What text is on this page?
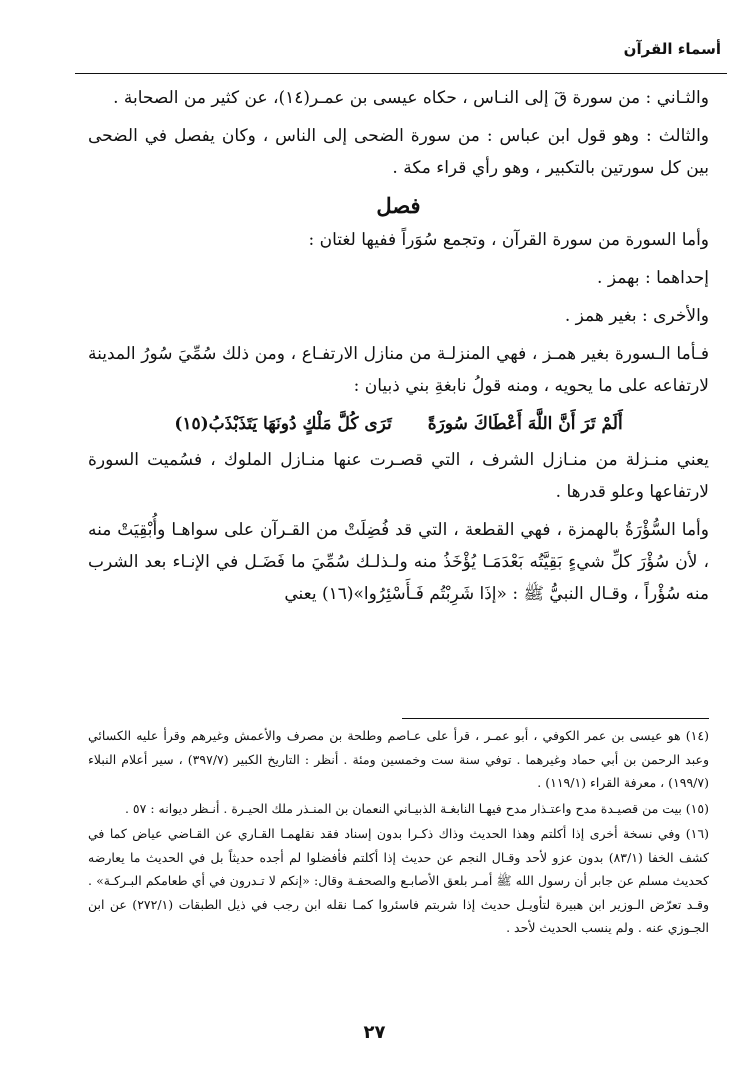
أسماء القرآن

والثـاني : من سورة قٓ إلى النـاس ، حكاه عيسى بن عمـر(١٤)، عن كثير من الصحابة .

والثالث : وهو قول ابن عباس : من سورة الضحى إلى الناس ، وكان يفصل في الضحى بين كل سورتين بالتكبير ، وهو رأي قراء مكة .

فصل

وأما السورة من سورة القرآن ، وتجمع سُوَراً ففيها لغتان :

إحداهما : بهمز .

والأخرى : بغير همز .

فـأما الـسورة بغير همـز ، فهي المنزلـة من منازل الارتفـاع ، ومن ذلك سُمِّيَ سُورُ المدينة لارتفاعه على ما يحويه ، ومنه قولُ نابغةِ بني ذبيان :

أَلَمْ تَرَ أَنَّ اللَّهَ أَعْطَاكَ سُورَةً
تَرَى كُلَّ مَلْكٍ دُونَهَا يَتَذَبْذَبُ(١٥)

يعني منـزلة من منـازل الشرف ، التي قصـرت عنها منـازل الملوك ، فسُميت السورة لارتفاعها وعلو قدرها .

وأما السُّؤْرَةُ بالهمزة ، فهي القطعة ، التي قد فُضِلَتْ من القـرآن على سواهـا وأُبْقِيَتْ منه ، لأن سُؤْرَ كلِّ شيءٍ بَقِيَّتُه بَعْدَمَـا يُؤْخَذُ منه ولـذلـك سُمِّيَ ما فَضَـل في الإنـاء بعد الشرب منه سُؤْراً ، وقـال النبيُّ ﷺ : «إذَا شَرِبْتُم فَـأَسْئِرُوا»(١٦) يعني

(١٤) هو عيسى بن عمر الكوفي ، أبو عمـر ، قرأ على عـاصم وطلحة بن مصرف والأعمش وغيرهم وقرأ عليه الكسائي وعبد الرحمن بن أبي حماد وغيرهما . توفي سنة ست وخمسين ومئة . أنظر : التاريخ الكبير (٣٩٧/٧) ، سير أعلام النبلاء (١٩٩/٧) ، معرفة القراء (١١٩/١) .

(١٥) بيت من قصيـدة مدح واعتـذار مدح فيهـا النابغـة الذبيـاني النعمان بن المنـذر ملك الحيـرة . أنـظر ديوانه : ٥٧ .

(١٦) وفي نسخة أخرى إذا أكلتم وهذا الحديث وذاك ذكـرا بدون إسناد فقد نقلهمـا القـاري عن القـاضي عياض كما في كشف الخفا (٨٣/١) بدون عزو لأحد وقـال النجم عن حديث إذا أكلتم فأفضلوا لم أجده حديثاً بل في الحديث ما يعارضه كحديث مسلم عن جابر أن رسول الله ﷺ أمـر بلعق الأصابـع والصحفـة وقال: «إنكم لا تـدرون في أي طعامكم البـركـة» . وقـد تعرّض الـوزير ابن هبيرة لتأويـل حديث إذا شربتم فاسئروا كمـا نقله ابن رجب في ذيل الطبقات (٢٧٢/١) عن ابن الجـوزي عنه . ولم ينسب الحديث لأحد .

٢٧
